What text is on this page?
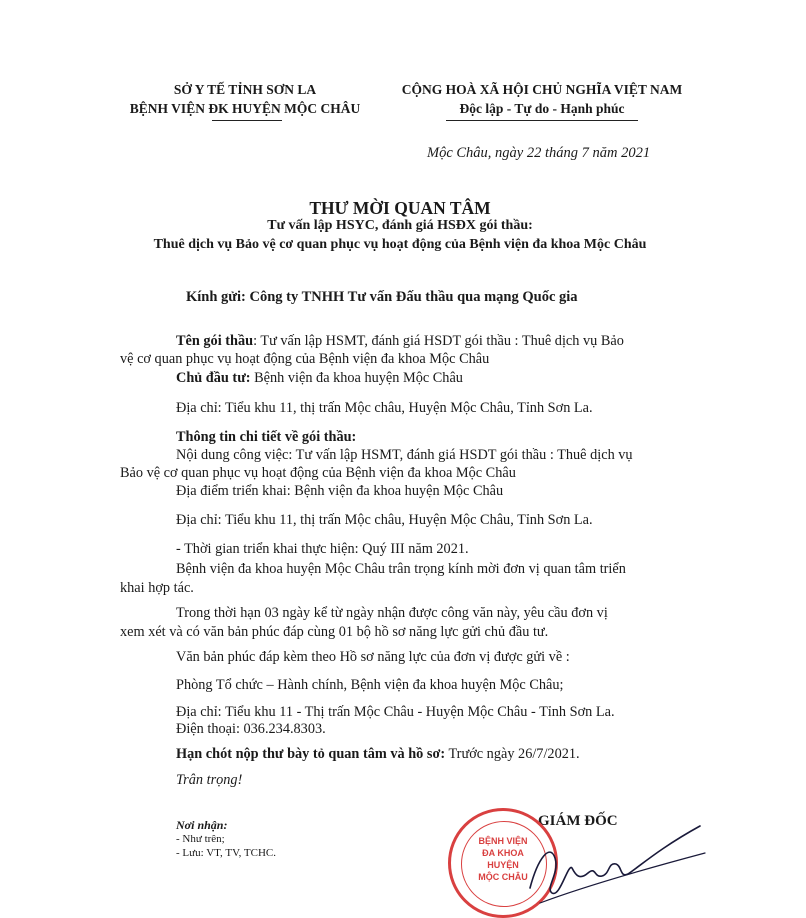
SỞ Y TẾ TỈNH SƠN LA
BỆNH VIỆN ĐK HUYỆN MỘC CHÂU
CỘNG HOÀ XÃ HỘI CHỦ NGHĨA VIỆT NAM
Độc lập - Tự do - Hạnh phúc
Mộc Châu, ngày 22 tháng 7 năm 2021
THƯ MỜI QUAN TÂM
Tư vấn lập HSYC, đánh giá HSĐX gói thầu:
Thuê dịch vụ Bảo vệ cơ quan phục vụ hoạt động của Bệnh viện đa khoa Mộc Châu
Kính gửi: Công ty TNHH Tư vấn Đấu thầu qua mạng Quốc gia
Tên gói thầu: Tư vấn lập HSMT, đánh giá HSDT gói thầu : Thuê dịch vụ Bảo
vệ cơ quan phục vụ hoạt động của Bệnh viện đa khoa Mộc Châu
Chủ đầu tư: Bệnh viện đa khoa huyện Mộc Châu
Địa chỉ: Tiểu khu 11, thị trấn Mộc châu, Huyện Mộc Châu, Tỉnh Sơn La.
Thông tin chi tiết về gói thầu:
Nội dung công việc: Tư vấn lập HSMT, đánh giá HSDT gói thầu : Thuê dịch vụ
Bảo vệ cơ quan phục vụ hoạt động của Bệnh viện đa khoa Mộc Châu
Địa điểm triển khai: Bệnh viện đa khoa huyện Mộc Châu
Địa chỉ: Tiểu khu 11, thị trấn Mộc châu, Huyện Mộc Châu, Tỉnh Sơn La.
- Thời gian triển khai thực hiện: Quý III năm 2021.
Bệnh viện đa khoa huyện Mộc Châu trân trọng kính mời đơn vị quan tâm triển
khai hợp tác.
Trong thời hạn 03 ngày kể từ ngày nhận được công văn này, yêu cầu đơn vị
xem xét và có văn bản phúc đáp cùng 01 bộ hồ sơ năng lực gửi chủ đầu tư.
Văn bản phúc đáp kèm theo Hồ sơ năng lực của đơn vị được gửi về :
Phòng Tổ chức – Hành chính, Bệnh viện đa khoa huyện Mộc Châu;
Địa chỉ: Tiểu khu 11 - Thị trấn Mộc Châu - Huyện Mộc Châu - Tỉnh Sơn La.
Điện thoại: 036.234.8303.
Hạn chót nộp thư bày tỏ quan tâm và hồ sơ: Trước ngày 26/7/2021.
Trân trọng!
Nơi nhận:
- Như trên;
- Lưu: VT, TV, TCHC.
GIÁM ĐỐC
BỆNH VIỆN
ĐA KHOA
HUYỆN
MỘC CHÂU
